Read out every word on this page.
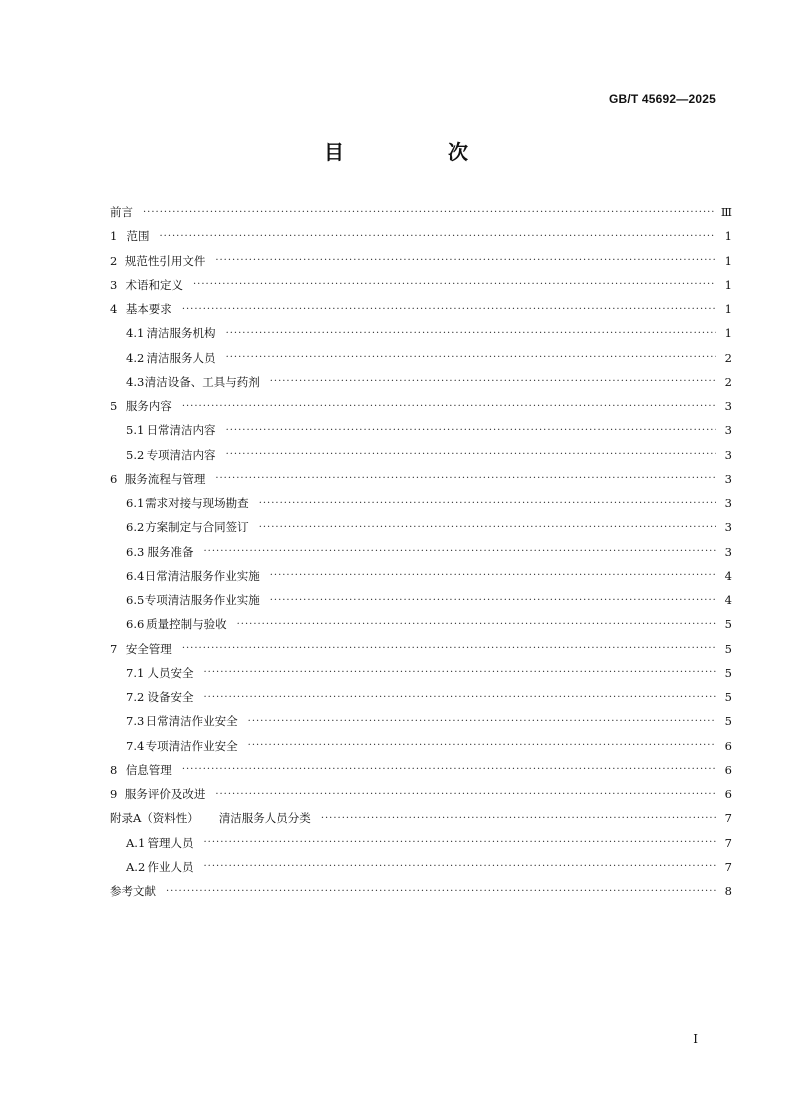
GB/T 45692—2025
目　次
前言 ·····	Ⅲ
1 范围 ·····	1
2 规范性引用文件 ·····	1
3 术语和定义 ·····	1
4 基本要求 ·····	1
4.1 清洁服务机构 ·····	1
4.2 清洁服务人员 ·····	2
4.3 清洁设备、工具与药剂 ·····	2
5 服务内容 ·····	3
5.1 日常清洁内容 ·····	3
5.2 专项清洁内容 ·····	3
6 服务流程与管理 ·····	3
6.1 需求对接与现场勘查 ·····	3
6.2 方案制定与合同签订 ·····	3
6.3 服务准备 ·····	3
6.4 日常清洁服务作业实施 ·····	4
6.5 专项清洁服务作业实施 ·····	4
6.6 质量控制与验收 ·····	5
7 安全管理 ·····	5
7.1 人员安全 ·····	5
7.2 设备安全 ·····	5
7.3 日常清洁作业安全 ·····	5
7.4 专项清洁作业安全 ·····	6
8 信息管理 ·····	6
9 服务评价及改进 ·····	6
附录A（资料性） 清洁服务人员分类 ·····	7
A.1 管理人员 ·····	7
A.2 作业人员 ·····	7
参考文献 ·····	8
I
